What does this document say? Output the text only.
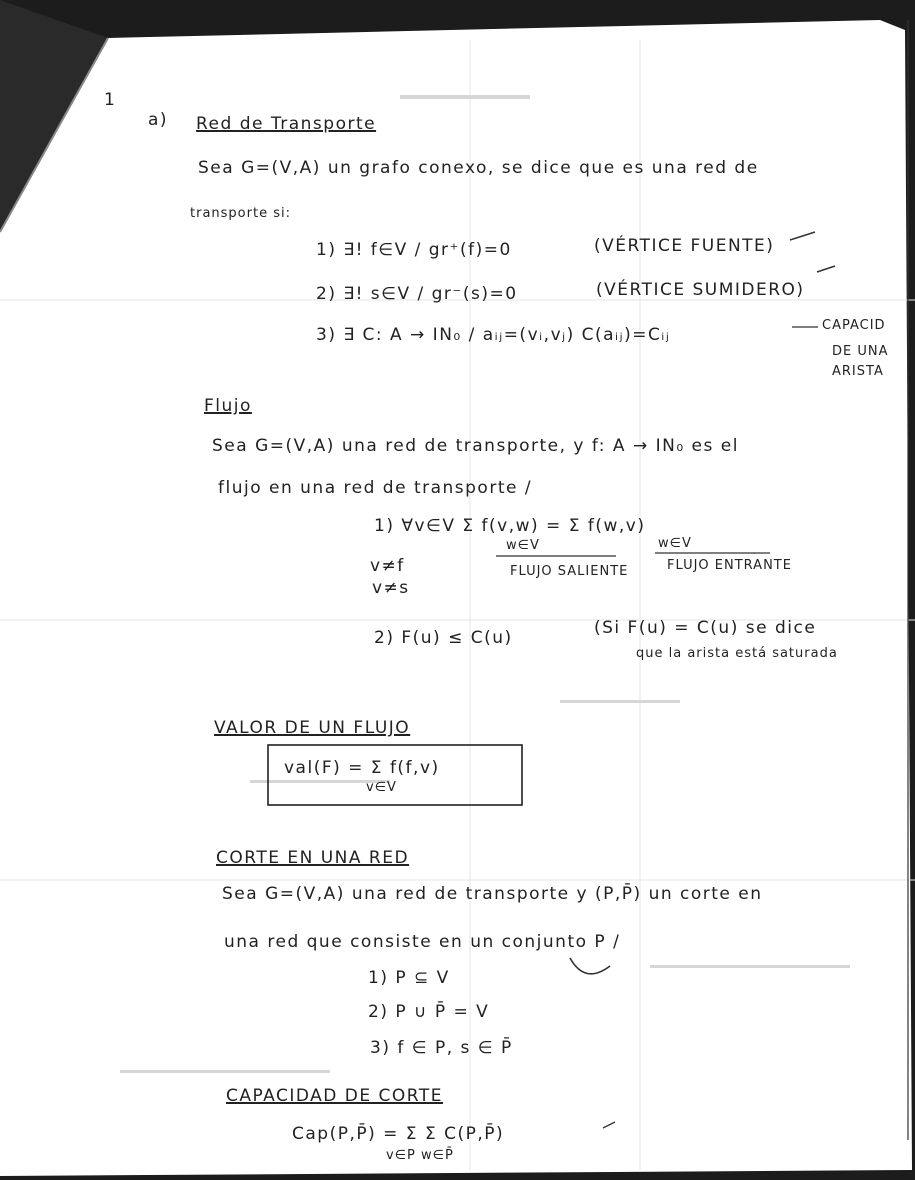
1
a) Red de Transporte
Sea G=(V,A) un grafo conexo, se dice que es una red de
transporte si:
1) ∃! f∈V / gr⁺(f)=0	(VÉRTICE FUENTE)
2) ∃! s∈V / gr⁻(s)=0	(VÉRTICE SUMIDERO)
3) ∃ C: A → IN₀ / aᵢⱼ=(vᵢ,vⱼ) C(aᵢⱼ)=Cᵢⱼ	CAPACID
DE UNA
ARISTA
Flujo
Sea G=(V,A) una red de transporte, y f: A → IN₀ es el
flujo en una red de transporte /
1) ∀v∈V Σ f(v,w) = Σ f(w,v)
w∈V	w∈V
FLUJO SALIENTE	FLUJO ENTRANTE
v≠f
v≠s
2) F(u) ≤ C(u)	(Si F(u) = C(u) se dice
que la arista está saturada
VALOR DE UN FLUJO
val(F) = Σ f(f,v)
v∈V
CORTE EN UNA RED
Sea G=(V,A) una red de transporte y (P,P̄) un corte en
una red que consiste en un conjunto P /
1) P ⊆ V
2) P ∪ P̄ = V
3) f ∈ P, s ∈ P̄
CAPACIDAD DE CORTE
Cap(P,P̄) = Σ Σ C(P,P̄)
v∈P w∈P̄
